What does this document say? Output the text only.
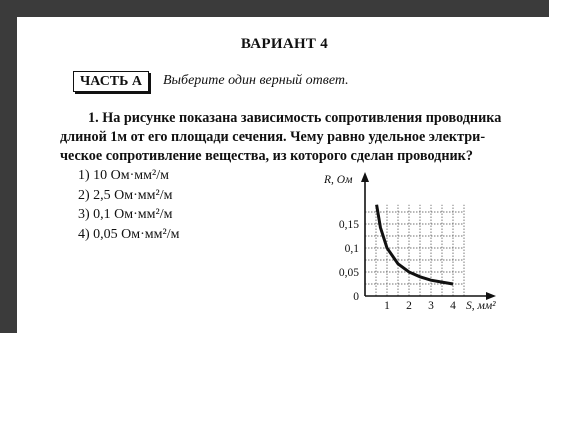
ВАРИАНТ 4
ЧАСТЬ А	Выберите один верный ответ.
1. На рисунке показана зависимость сопротивления проводника
длиной 1м от его площади сечения. Чему равно удельное электри-
ческое сопротивление вещества, из которого сделан проводник?
1) 10 Ом·мм²/м
2) 2,5 Ом·мм²/м
3) 0,1 Ом·мм²/м
4) 0,05 Ом·мм²/м
1 2 3 4
0
0,05
0,1
0,15
R, Ом
S, мм²
